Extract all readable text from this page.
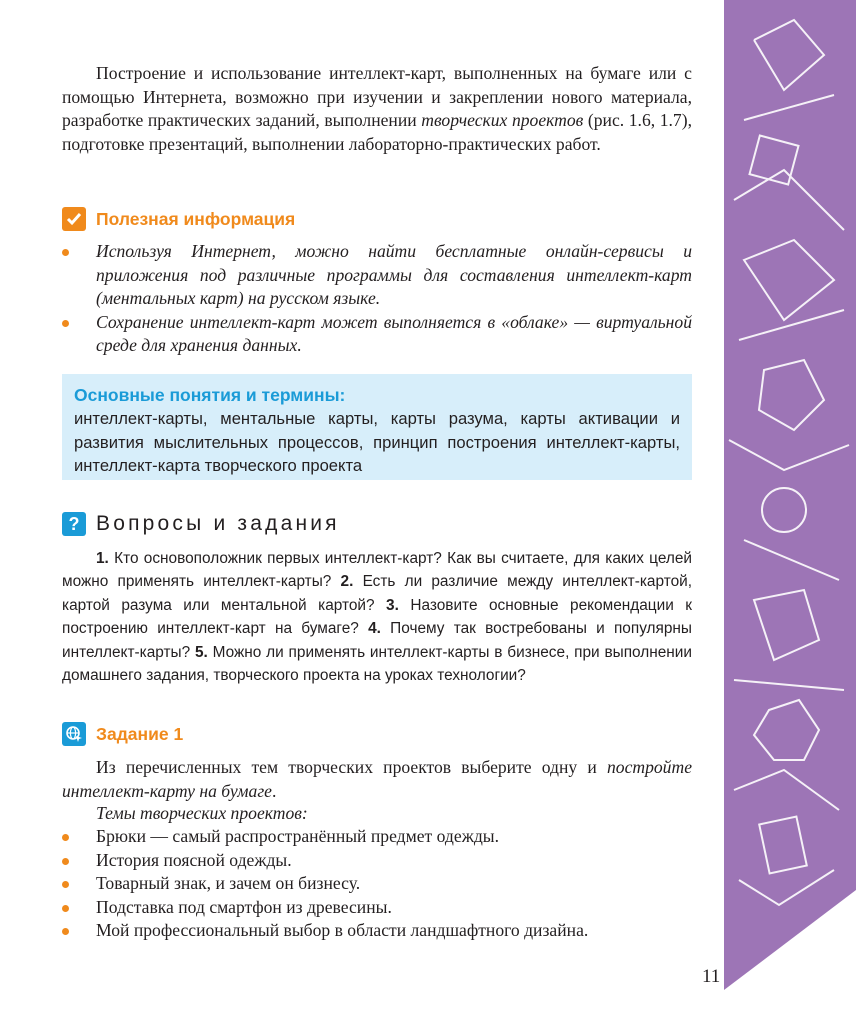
Построение и использование интеллект-карт, выполненных на бумаге или с помощью Интернета, возможно при изучении и закреплении нового материала, разработке практических заданий, выполнении творческих проектов (рис. 1.6, 1.7), подготовке презентаций, выполнении лабораторно-практических работ.

Полезная информация
Используя Интернет, можно найти бесплатные онлайн-сервисы и приложения под различные программы для составления интеллект-карт (ментальных карт) на русском языке.
Сохранение интеллект-карт может выполняется в «облаке» — виртуальной среде для хранения данных.
Основные понятия и термины:
интеллект-карты, ментальные карты, карты разума, карты активации и развития мыслительных процессов, принцип построения интеллект-карты, интеллект-карта творческого проекта
? Вопросы и задания

1. Кто основоположник первых интеллект-карт? Как вы считаете, для каких целей можно применять интеллект-карты? 2. Есть ли различие между интеллект-картой, картой разума или ментальной картой? 3. Назовите основные рекомендации к построению интеллект-карт на бумаге? 4. Почему так востребованы и популярны интеллект-карты? 5. Можно ли применять интеллект-карты в бизнесе, при выполнении домашнего задания, творческого проекта на уроках технологии?

Задание 1

Из перечисленных тем творческих проектов выберите одну и постройте интеллект-карту на бумаге.

Темы творческих проектов:

Брюки — самый распространённый предмет одежды.
История поясной одежды.
Товарный знак, и зачем он бизнесу.
Подставка под смартфон из древесины.
Мой профессиональный выбор в области ландшафтного дизайна.
11
